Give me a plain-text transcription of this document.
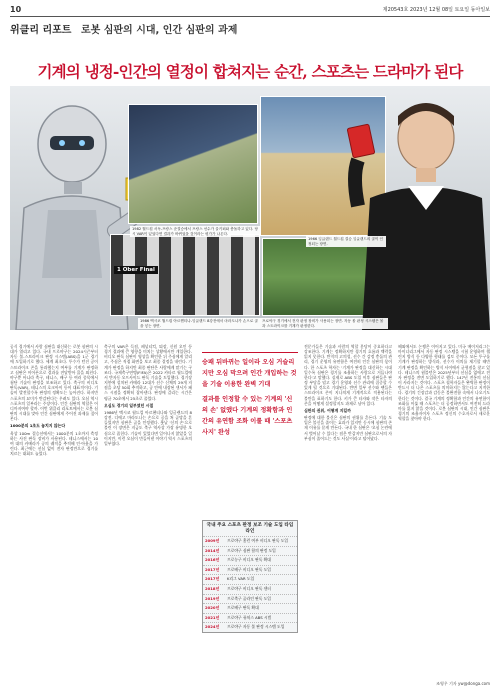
10	제20543호 2023년 12월 08일 토요일 동아일보
위클리 리포트 로봇 심판의 시대, 인간 심판의 과제
기계의 냉정-인간의 열정이 합쳐지는 순간, 스포츠는 드라마가 된다
1 Ober Final
1982 월드컵 서독-프랑스 준결승에서 프랑스 선수가 골키퍼와 충돌하고 있다. 당시 VAR이 있었다면 결과가 바뀌었을 것이라는 평가가 나온다.
1966 잉글랜드 월드컵 결승 잉글랜드의 골이 인정되는 장면.
1986 멕시코 월드컵 아르헨티나-잉글랜드 8강전에서 마라도나가 손으로 골을 넣는 장면.
프로야구 경기에서 전자 판정 장비가 사용되는 장면. 자동 볼 판정 시스템은 볼과 스트라이크를 기계가 판정한다.
공식 경기에서 사람 심판을 대신하는 로봇 심판의 시대가 열리고 있다. 국내 프로야구는 2024시즌부터 자동 볼-스트라이크 판정 시스템(ABS)을 1군 경기에 도입하기로 했다. 세계 최초다. 투수가 던진 공이 스트라이크 존을 통과했는지 여부를 기계가 판정하고 심판은 이어폰으로 결과를 전달받아 콜을 외친다. 야구뿐 아니라 축구, 테니스, 배구 등 여러 종목에서 첨단 기술이 판정을 보조하고 있다. 축구의 비디오 판독(VAR), 테니스의 호크아이 등이 대표적이다. 기술이 발전할수록 판정의 정확도는 높아진다. 하지만 스포츠의 묘미가 반감된다는 우려도 있다. 오심 역시 스포츠의 일부라는 주장이다. 인간 심판의 역할은 어디까지여야 할까. 이번 위클리 리포트에서는 로봇 심판의 시대를 맞아 인간 심판에게 주어진 과제를 짚어본다.
1000분의 1초도 놓치지 않는다
육상 100m 결승선에서는 1000분의 1초까지 측정하는 사진 판독 장비가 사용된다. 테니스에서는 10여 대의 카메라가 공의 궤적을 추적해 인·아웃을 가린다. 최근에는 선심 없이 전자 판정만으로 경기를 치르는 대회도 늘었다.
축구의 VAR은 득점, 페널티킥, 퇴장, 신원 오인 등 경기 결과에 큰 영향을 미치는 상황에서만 개입한다. 비디오 판독 심판이 영상을 확인한 뒤 주심에게 알리고, 주심은 직접 화면을 보고 최종 결정을 내린다. 기계가 판정을 하지만 최종 판단은 사람에게 맡기는 구조다. 국제축구연맹(FIFA)은 2022 카타르 월드컵에서 반자동 오프사이드 판독 기술을 도입했다. 경기장 지붕에 설치된 카메라 12대가 선수 신체의 29개 지점을 초당 50회 추적하고, 공 안에 내장된 센서가 패스 시점을 정확히 잡아낸다. 판정에 걸리는 시간은 평균 70초에서 25초로 줄었다.
오심도 경기의 일부였던 시절
1986년 멕시코 월드컵 아르헨티나와 잉글랜드의 8강전. 디에고 마라도나는 손으로 공을 쳐 골망을 흔들었지만 심판은 골을 인정했다. 훗날 '신의 손'으로 불린 이 장면은 지금도 축구 역사상 가장 유명한 오심으로 꼽힌다. 기술이 있었다면 일어나지 않았을 일이지만, 이런 오심이 만들어낸 이야기 역시 스포츠의 일부였다.
승패 뒤바뀌는 일이라 오심 거슬리지만 오심 막으려 인간 개입하는 것을 기술 이용한 완벽 기대
결과를 인정할 수 있는 기계의 '신의 손' 없앴다 기계의 정확함과 인간의 유연함 조화 이룰 때 '스포츠 사지' 완성
국내 주요 스포츠 판정 보조 기술 도입 타임라인
2009년	프로야구 홈런 여부 비디오 판독 도입
2014년	프로야구 심판 합의 판정 도입
2016년	프로농구 비디오 판독 확대
2017년	프로배구 비디오 판독 도입
2017년	K리그 VAR 도입
2018년	프로야구 비디오 판독 센터
2019년	프로축구 골라인 판독 도입
2020년	프로배구 판독 확대
2021년	프로야구 퓨처스 ABS 시범
2024년	프로야구 자동 볼 판정 시스템 도입
전문가들은 기술과 사람의 역할 분담이 중요하다고 강조한다. 기계는 정확하지만 경기의 흐름과 맥락을 읽지 못한다. 반칙의 고의성, 선수 간 감정 충돌의 관리, 경기 운영의 유연함은 여전히 인간 심판의 몫이다. 한 스포츠 학자는 '기계가 판정을 대신하는 시대일수록 심판은 경기를 조율하는 사람으로 거듭나야 한다'고 말했다. 실제로 ABS 도입 이후 심판들은 판정 부담을 덜고 경기 운영과 선수 관리에 집중할 수 있게 될 것으로 기대된다. 반면 일부 선수와 팬들은 스트라이크 존이 지나치게 기계적으로 적용된다는 불만을 표하기도 한다. 키가 큰 타자와 작은 타자의 존을 어떻게 설정할지도 과제로 남아 있다.
심판의 권위, 어떻게 지킬까
판정에 대한 불신은 심판의 권위를 흔든다. 기술 도입은 불신을 줄이는 효과가 있지만 동시에 심판의 존재 이유를 묻게 만든다. 국내 한 심판은 '오심 논란에서 벗어날 수 있다는 점은 반갑지만 심판으로서의 자부심이 줄어드는 것도 사실'이라고 털어놨다.
해외에서도 논쟁은 이어지고 있다. 미국 메이저리그는 마이너리그에서 자동 판정 시스템을 시험 운영하며 챌린지 방식 등 다양한 형태를 검토 중이다. 모든 투구를 기계가 판정하는 방식과, 선수가 이의를 제기할 때만 기계 판정을 확인하는 방식 사이에서 균형점을 찾고 있다. 테니스의 윔블던은 2025년부터 선심을 없애고 전자 판정을 전면 도입하기로 했다. 147년 전통의 선심이 사라지는 것이다. 스포츠 철학자들은 완벽한 판정이 반드시 더 나은 스포츠를 의미하지는 않는다고 지적한다. 경기의 긴장감과 감동은 불완전함 속에서 나오기도 한다는 것이다. 결국 기계의 정확함과 인간의 유연함이 조화를 이룰 때 스포츠는 더 공정하면서도 여전히 드라마를 잃지 않을 것이다. 로봇 심판의 시대, 인간 심판은 경기의 조율자이자 스포츠 정신의 수호자로서 새로운 역할을 찾아야 한다.
조영우 기자 yw@donga.com
